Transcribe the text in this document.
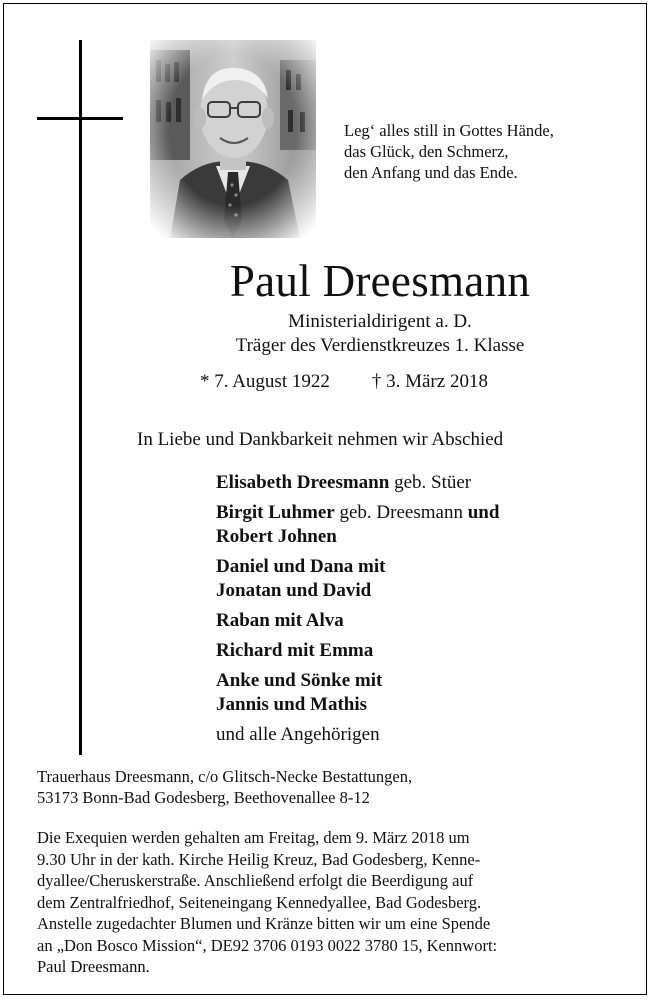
Leg‘ alles still in Gottes Hände,
das Glück, den Schmerz,
den Anfang und das Ende.
Paul Dreesmann
Ministerialdirigent a. D.
Träger des Verdienstkreuzes 1. Klasse
* 7. August 1922 † 3. März 2018
In Liebe und Dankbarkeit nehmen wir Abschied
Elisabeth Dreesmann geb. Stüer
Birgit Luhmer geb. Dreesmann und
Robert Johnen
Daniel und Dana mit
Jonatan und David
Raban mit Alva
Richard mit Emma
Anke und Sönke mit
Jannis und Mathis
und alle Angehörigen
Trauerhaus Dreesmann, c/o Glitsch-Necke Bestattungen,
53173 Bonn-Bad Godesberg, Beethovenallee 8-12
Die Exequien werden gehalten am Freitag, dem 9. März 2018 um
9.30 Uhr in der kath. Kirche Heilig Kreuz, Bad Godesberg, Kenne-
dyallee/Cheruskerstraße. Anschließend erfolgt die Beerdigung auf
dem Zentralfriedhof, Seiteneingang Kennedyallee, Bad Godesberg.
Anstelle zugedachter Blumen und Kränze bitten wir um eine Spende
an „Don Bosco Mission“, DE92 3706 0193 0022 3780 15, Kennwort:
Paul Dreesmann.
